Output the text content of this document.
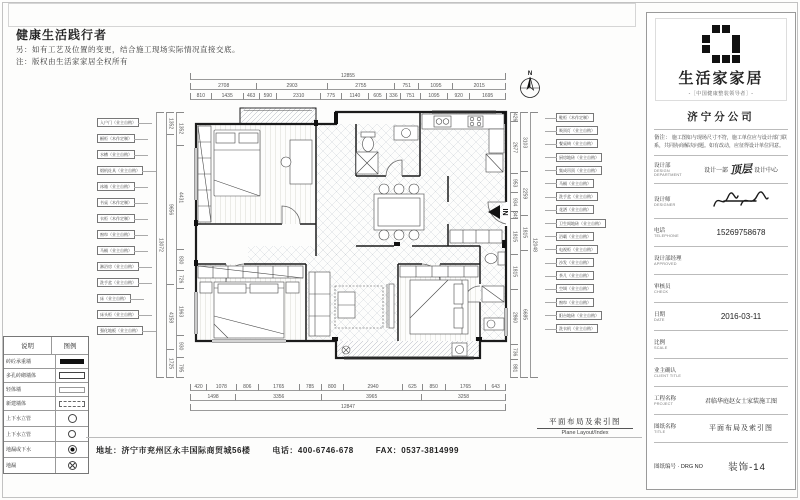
健康生活践行者
另：如有工艺及位置的变更，结合施工现场实际情况直接交底。
注：版权由生活家家居全权所有
IN
N
12855
2708	2903	2755	751	1095	2015
810	1435	463	590	2310	775	1140	605	336	751	1095	920	1695
420	1078	806	1765	785	800	2940	625	850	1765	643
1498	3356	3965	3258
12847
13072
1352
9656
4158
1725
1352
4431
830
726
1963
930
795
426
2677
953
934
349
1815
1815
2860
736
881
3103
2259
1815
6685
12048
入户门（业主自购）
橱柜（木作定制）
水槽（业主自购）
烟机灶具（业主自购）
冰箱（业主自购）
书桌（木作定制）
衣柜（木作定制）
窗帘（业主自购）
马桶（业主自购）
淋浴房（业主自购）
洗手盆（业主自购）
床（业主自购）
床头柜（业主自购）
强化地板（业主自购）
鞋柜（木作定制）
吸顶灯（业主自购）
餐桌椅（业主自购）
厨房地砖（业主自购）
集成吊顶（业主自购）
马桶（业主自购）
洗手盆（业主自购）
花洒（业主自购）
卫生间地砖（业主自购）
浴霸（业主自购）
电视柜（业主自购）
沙发（业主自购）
茶几（业主自购）
空调（业主自购）
窗帘（业主自购）
阳台地砖（业主自购）
洗衣机（业主自购）
平面布局及索引图
Plane Layout/Index
说明	图例
砖砼承重墙
多孔砖砌墙体
轻体墙
新建墙体
上下水立管
上下水立管
地漏或下水
地漏
地址： 济宁市兖州区永丰国际商贸城56楼	电话： 400-6746-678	FAX： 0537-3814999
生活家家居
-［中国健康整装领导者］-
济宁分公司
备注： 施工图如与现场尺寸不符，施工单位应与设计部门联系，共同协商解决问题。如有改动，应征得设计单位同意。
设计部
DESIGN DEPARTMENT
设计一部 顶层 设计中心
设计师
DESIGNER
电话
TELEPHONE	15269758678
设计部经理
APPROVED
审核员
CHECK
日期
DATE	2016-03-11
比例
SCALE
业主确认
CLIENT TITLE
工程名称
PROJECT	君临华庭赵女士家装施工图
图纸名称
TITLE	平面布局及索引图
图纸编号 · DRG NO	装饰-14
